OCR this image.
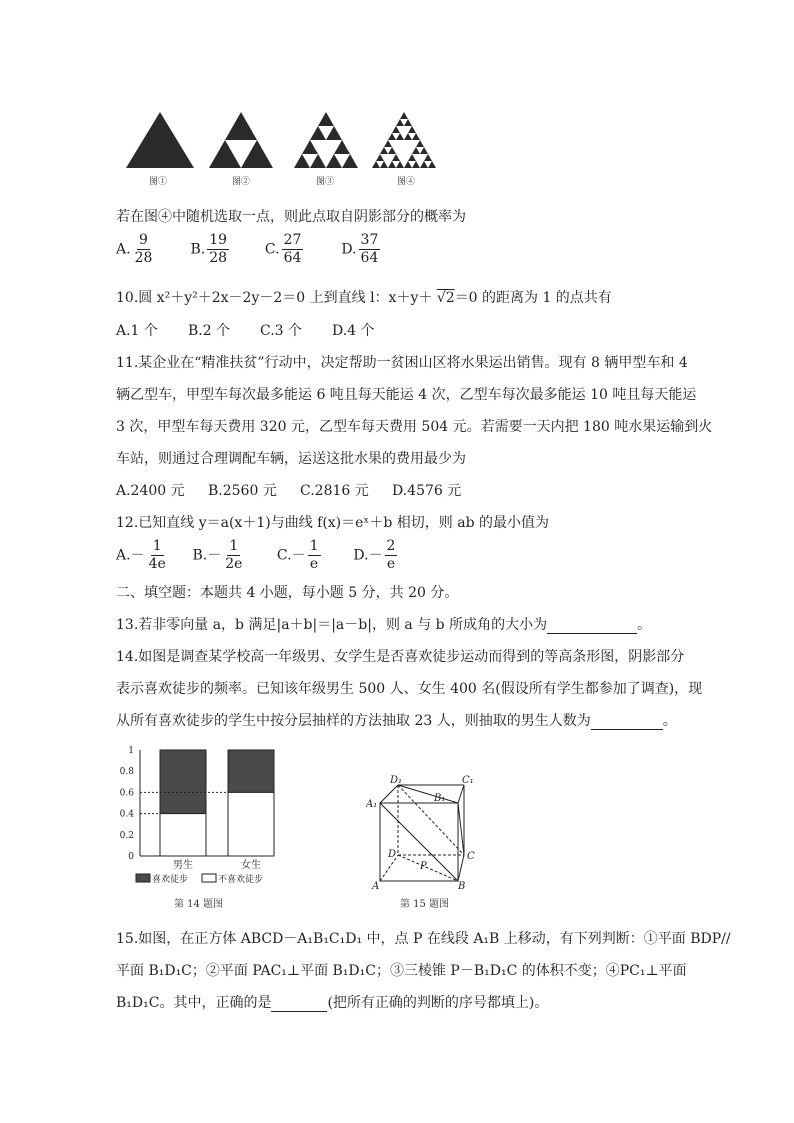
图①	图②	图③	图④
若在图④中随机选取一点，则此点取自阴影部分的概率为
A. $\frac{9}{28}$	B. $\frac{19}{28}$	C. $\frac{27}{64}$	D. $\frac{37}{64}$
10.圆 x²＋y²＋2x－2y－2＝0 上到直线 l：x＋y＋ √2＝0 的距离为 1 的点共有
A.1 个 B.2 个 C.3 个 D.4 个
11.某企业在“精准扶贫”行动中，决定帮助一贫困山区将水果运出销售。现有 8 辆甲型车和 4
辆乙型车，甲型车每次最多能运 6 吨且每天能运 4 次，乙型车每次最多能运 10 吨且每天能运
3 次，甲型车每天费用 320 元，乙型车每天费用 504 元。若需要一天内把 180 吨水果运输到火
车站，则通过合理调配车辆，运送这批水果的费用最少为
A.2400 元 B.2560 元 C.2816 元 D.4576 元
12.已知直线 y＝a(x＋1)与曲线 f(x)＝eˣ＋b 相切，则 ab 的最小值为
$A.- \frac{1}{4e} B.- \frac{1}{2e} C.- \frac{1}{e} D.- \frac{2}{e}$
二、填空题：本题共 4 小题，每小题 5 分，共 20 分。
13.若非零向量 a，b 满足|a＋b|＝|a－b|，则 a 与 b 所成角的大小为	。
14.如图是调查某学校高一年级男、女学生是否喜欢徒步运动而得到的等高条形图，阴影部分
表示喜欢徒步的频率。已知该年级男生 500 人、女生 400 名(假设所有学生都参加了调查)，现
从所有喜欢徒步的学生中按分层抽样的方法抽取 23 人，则抽取的男生人数为	。
0
0.2
0.4
0.6
0.8
1
男生	女生
喜欢徒步	不喜欢徒步
第 14 题图
D₁	C₁
A₁
B₁
D	C
A	B
P
第 15 题图
15.如图，在正方体 ABCD－A₁B₁C₁D₁ 中，点 P 在线段 A₁B 上移动，有下列判断：①平面 BDP//
平面 B₁D₁C；②平面 PAC₁⊥平面 B₁D₁C；③三棱锥 P－B₁D₁C 的体积不变；④PC₁⊥平面
B₁D₁C。其中，正确的是	(把所有正确的判断的序号都填上)。
